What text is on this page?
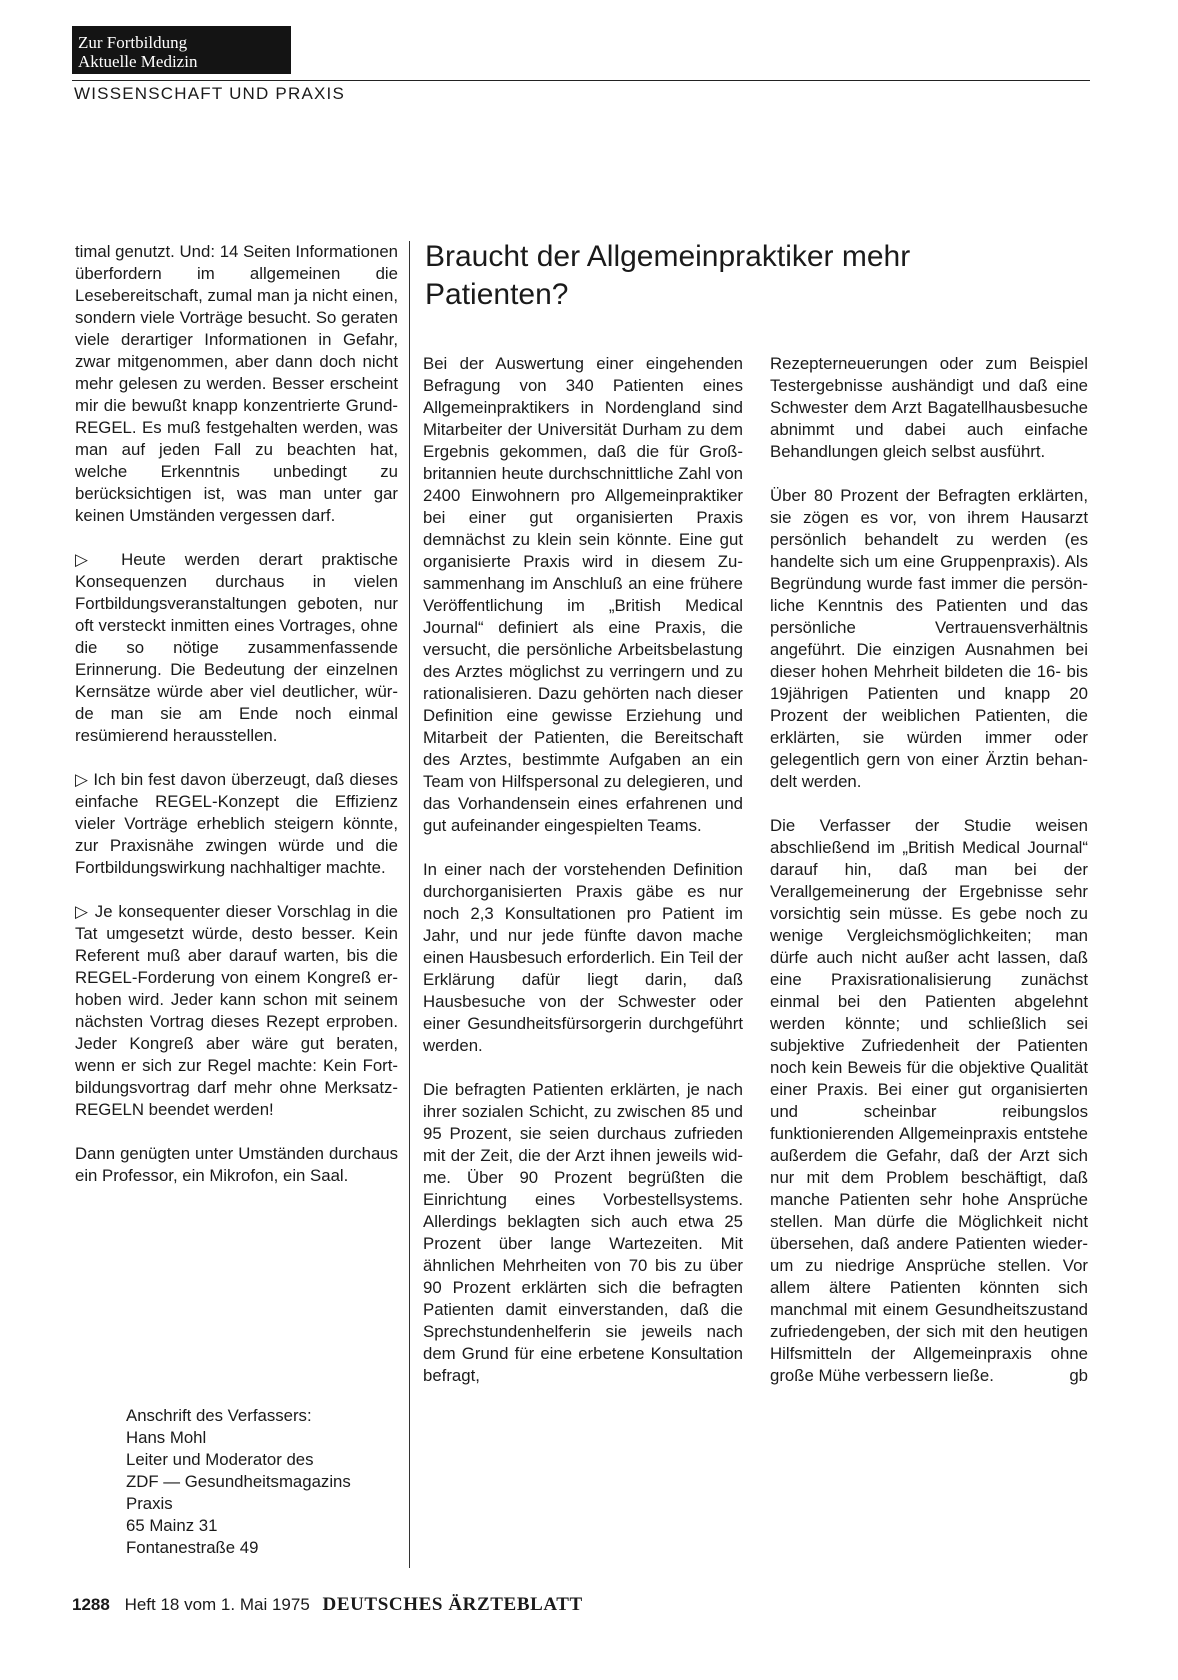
Zur Fortbildung
Aktuelle Medizin
WISSENSCHAFT UND PRAXIS

timal genutzt. Und: 14 Seiten Informationen überfordern im allgemeinen die Lesebereitschaft, zumal man ja nicht einen, sondern viele Vorträge besucht. So geraten viele derartiger Informationen in Gefahr, zwar mitgenommen, aber dann doch nicht mehr gelesen zu werden. Besser erscheint mir die bewußt knapp konzentrierte Grund-REGEL. Es muß festgehalten werden, was man auf jeden Fall zu beachten hat, welche Erkenntnis unbedingt zu berücksichtigen ist, was man unter gar keinen Umständen vergessen darf.

▷ Heute werden derart praktische Konsequenzen durchaus in vielen Fortbildungsveranstaltungen geboten, nur oft versteckt inmitten eines Vortrages, ohne die so nötige zusammenfassende Erinnerung. Die Bedeutung der einzelnen Kernsätze würde aber viel deutlicher, würde man sie am Ende noch einmal resümierend herausstellen.

▷ Ich bin fest davon überzeugt, daß dieses einfache REGEL-Konzept die Effizienz vieler Vorträge erheblich steigern könnte, zur Praxisnähe zwingen würde und die Fortbildungswirkung nachhaltiger machte.

▷ Je konsequenter dieser Vorschlag in die Tat umgesetzt würde, desto besser. Kein Referent muß aber darauf warten, bis die REGEL-Forderung von einem Kongreß erhoben wird. Jeder kann schon mit seinem nächsten Vortrag dieses Rezept erproben. Jeder Kongreß aber wäre gut beraten, wenn er sich zur Regel machte: Kein Fortbildungsvortrag darf mehr ohne Merksatz-REGELN beendet werden!

Dann genügten unter Umständen durchaus ein Professor, ein Mikrofon, ein Saal.

Anschrift des Verfassers:
Hans Mohl
Leiter und Moderator des
ZDF — Gesundheitsmagazins
Praxis
65 Mainz 31
Fontanestraße 49
Braucht der Allgemeinpraktiker mehr Patienten?

Bei der Auswertung einer eingehenden Befragung von 340 Patienten eines Allgemeinpraktikers in Nordengland sind Mitarbeiter der Universität Durham zu dem Ergebnis gekommen, daß die für Großbritannien heute durchschnittliche Zahl von 2400 Einwohnern pro Allgemeinpraktiker bei einer gut organisierten Praxis demnächst zu klein sein könnte. Eine gut organisierte Praxis wird in diesem Zusammenhang im Anschluß an eine frühere Veröffentlichung im „British Medical Journal“ definiert als eine Praxis, die versucht, die persönliche Arbeitsbelastung des Arztes möglichst zu verringern und zu rationalisieren. Dazu gehörten nach dieser Definition eine gewisse Erziehung und Mitarbeit der Patienten, die Bereitschaft des Arztes, bestimmte Aufgaben an ein Team von Hilfspersonal zu delegieren, und das Vorhandensein eines erfahrenen und gut aufeinander eingespielten Teams.

In einer nach der vorstehenden Definition durchorganisierten Praxis gäbe es nur noch 2,3 Konsultationen pro Patient im Jahr, und nur jede fünfte davon mache einen Hausbesuch erforderlich. Ein Teil der Erklärung dafür liegt darin, daß Hausbesuche von der Schwester oder einer Gesundheitsfürsorgerin durchgeführt werden.

Die befragten Patienten erklärten, je nach ihrer sozialen Schicht, zu zwischen 85 und 95 Prozent, sie seien durchaus zufrieden mit der Zeit, die der Arzt ihnen jeweils widme. Über 90 Prozent begrüßten die Einrichtung eines Vorbestellsystems. Allerdings beklagten sich auch etwa 25 Prozent über lange Wartezeiten. Mit ähnlichen Mehrheiten von 70 bis zu über 90 Prozent erklärten sich die befragten Patienten damit einverstanden, daß die Sprechstundenhelferin sie jeweils nach dem Grund für eine erbetene Konsultation befragt,

Rezepterneuerungen oder zum Beispiel Testergebnisse aushändigt und daß eine Schwester dem Arzt Bagatellhausbesuche abnimmt und dabei auch einfache Behandlungen gleich selbst ausführt.

Über 80 Prozent der Befragten erklärten, sie zögen es vor, von ihrem Hausarzt persönlich behandelt zu werden (es handelte sich um eine Gruppenpraxis). Als Begründung wurde fast immer die persönliche Kenntnis des Patienten und das persönliche Vertrauensverhältnis angeführt. Die einzigen Ausnahmen bei dieser hohen Mehrheit bildeten die 16- bis 19jährigen Patienten und knapp 20 Prozent der weiblichen Patienten, die erklärten, sie würden immer oder gelegentlich gern von einer Ärztin behandelt werden.

Die Verfasser der Studie weisen abschließend im „British Medical Journal“ darauf hin, daß man bei der Verallgemeinerung der Ergebnisse sehr vorsichtig sein müsse. Es gebe noch zu wenige Vergleichsmöglichkeiten; man dürfe auch nicht außer acht lassen, daß eine Praxisrationalisierung zunächst einmal bei den Patienten abgelehnt werden könnte; und schließlich sei subjektive Zufriedenheit der Patienten noch kein Beweis für die objektive Qualität einer Praxis. Bei einer gut organisierten und scheinbar reibungslos funktionierenden Allgemeinpraxis entstehe außerdem die Gefahr, daß der Arzt sich nur mit dem Problem beschäftigt, daß manche Patienten sehr hohe Ansprüche stellen. Man dürfe die Möglichkeit nicht übersehen, daß andere Patienten wiederum zu niedrige Ansprüche stellen. Vor allem ältere Patienten könnten sich manchmal mit einem Gesundheitszustand zufriedengeben, der sich mit den heutigen Hilfsmitteln der Allgemeinpraxis ohne große Mühe verbessern ließe.	gb

1288 Heft 18 vom 1. Mai 1975 DEUTSCHES ÄRZTEBLATT
